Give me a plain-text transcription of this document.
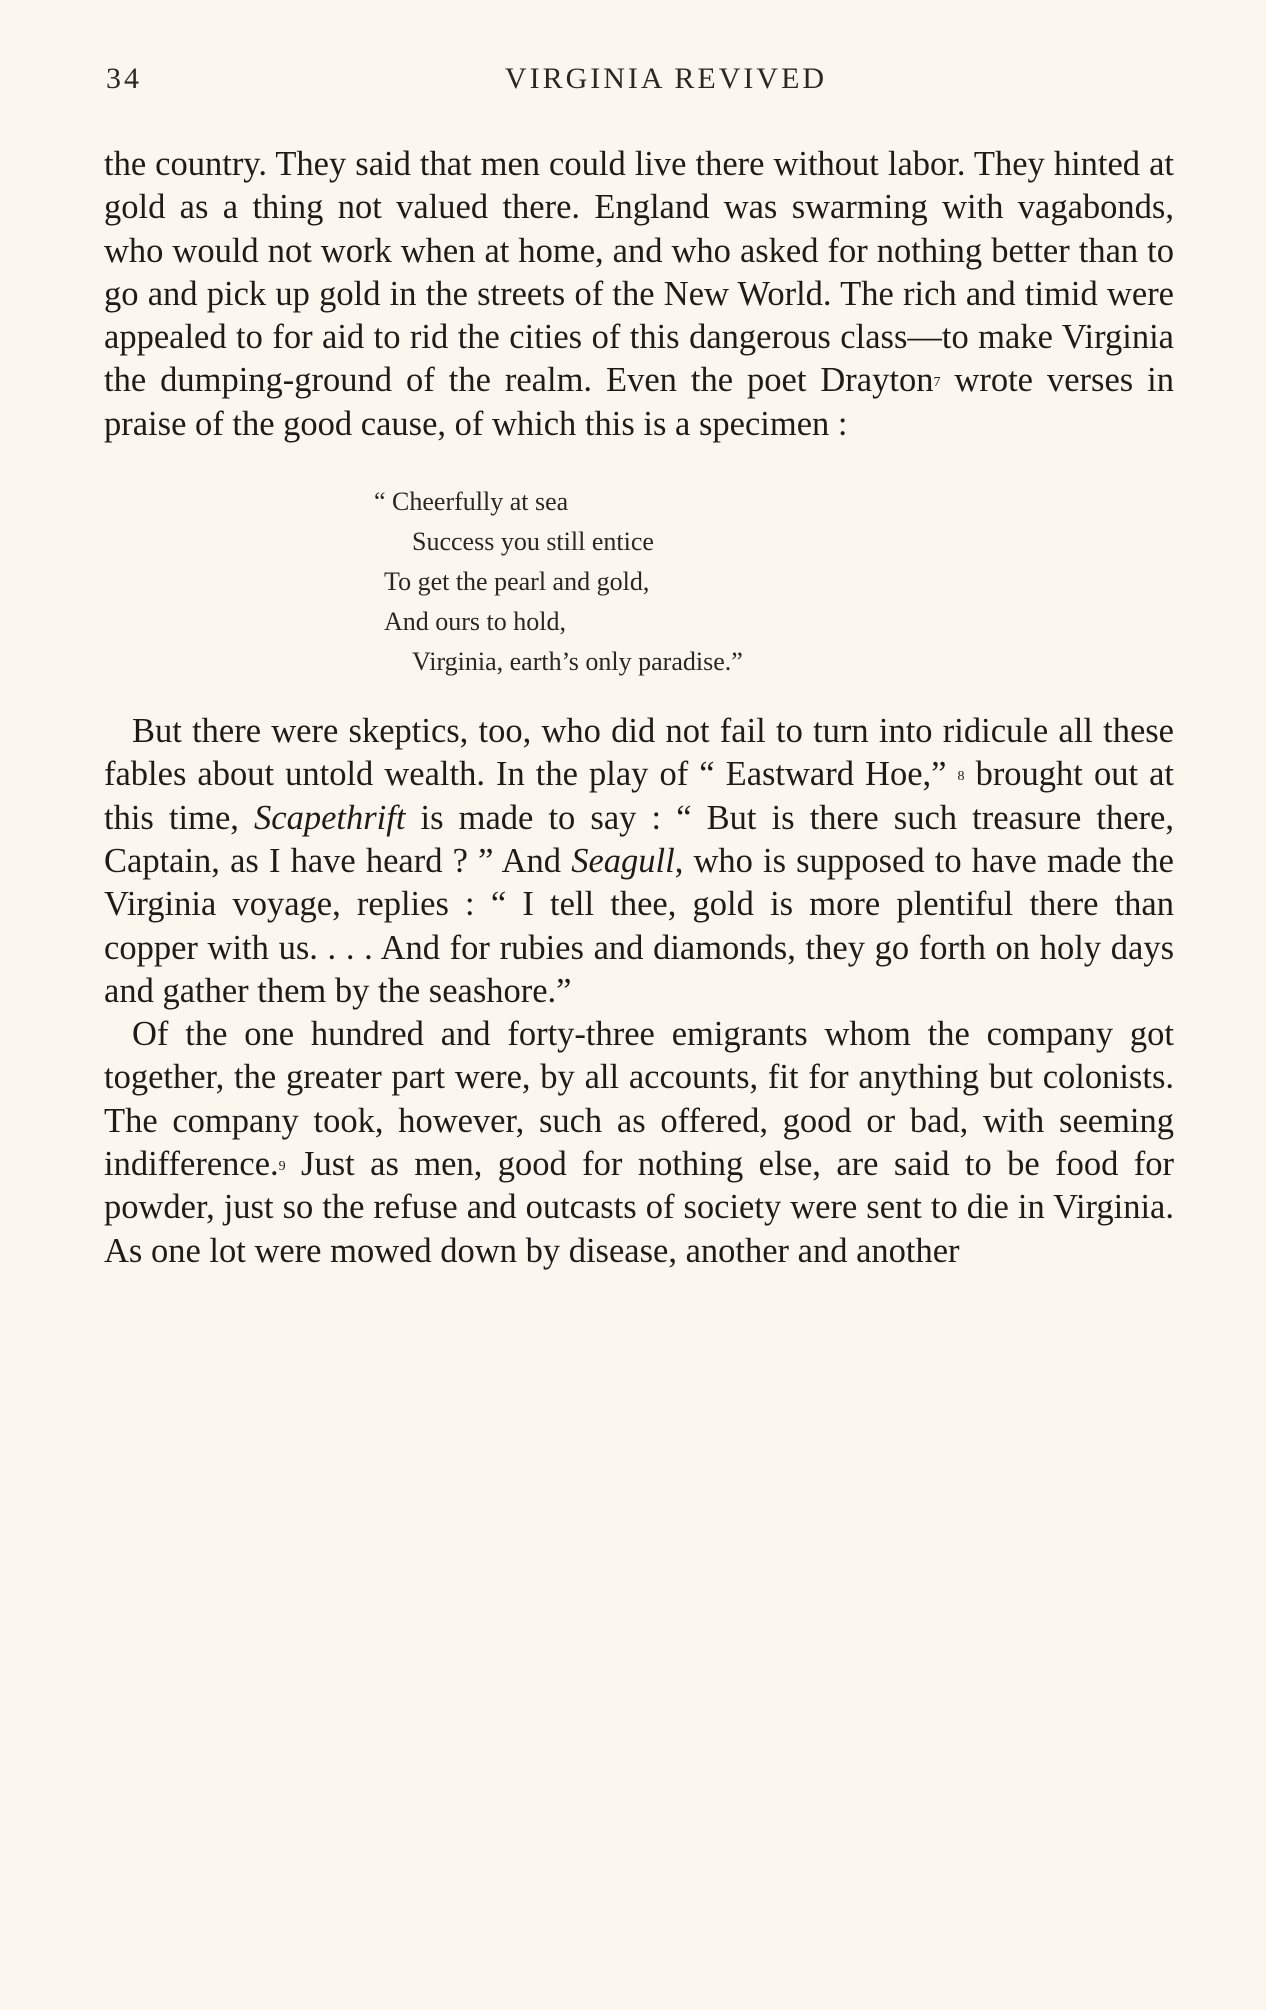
34	VIRGINIA REVIVED

the country. They said that men could live there without labor. They hinted at gold as a thing not valued there. England was swarming with vagabonds, who would not work when at home, and who asked for nothing better than to go and pick up gold in the streets of the New World. The rich and timid were appealed to for aid to rid the cities of this dangerous class—to make Virginia the dumping-ground of the realm. Even the poet Drayton$^7$ wrote verses in praise of the good cause, of which this is a specimen :

“ Cheerfully at sea
Success you still entice
To get the pearl and gold,
And ours to hold,
Virginia, earth’s only paradise.”

But there were skeptics, too, who did not fail to turn into ridicule all these fables about untold wealth. In the play of “ Eastward Hoe,” $^8$ brought out at this time, Scapethrift is made to say : “ But is there such treasure there, Captain, as I have heard ? ” And Seagull, who is supposed to have made the Virginia voyage, replies : “ I tell thee, gold is more plentiful there than copper with us. . . . And for rubies and diamonds, they go forth on holy days and gather them by the seashore.”

Of the one hundred and forty-three emigrants whom the company got together, the greater part were, by all accounts, fit for anything but colonists. The company took, however, such as offered, good or bad, with seeming indifference.$^9$ Just as men, good for nothing else, are said to be food for powder, just so the refuse and outcasts of society were sent to die in Virginia. As one lot were mowed down by disease, another and another
